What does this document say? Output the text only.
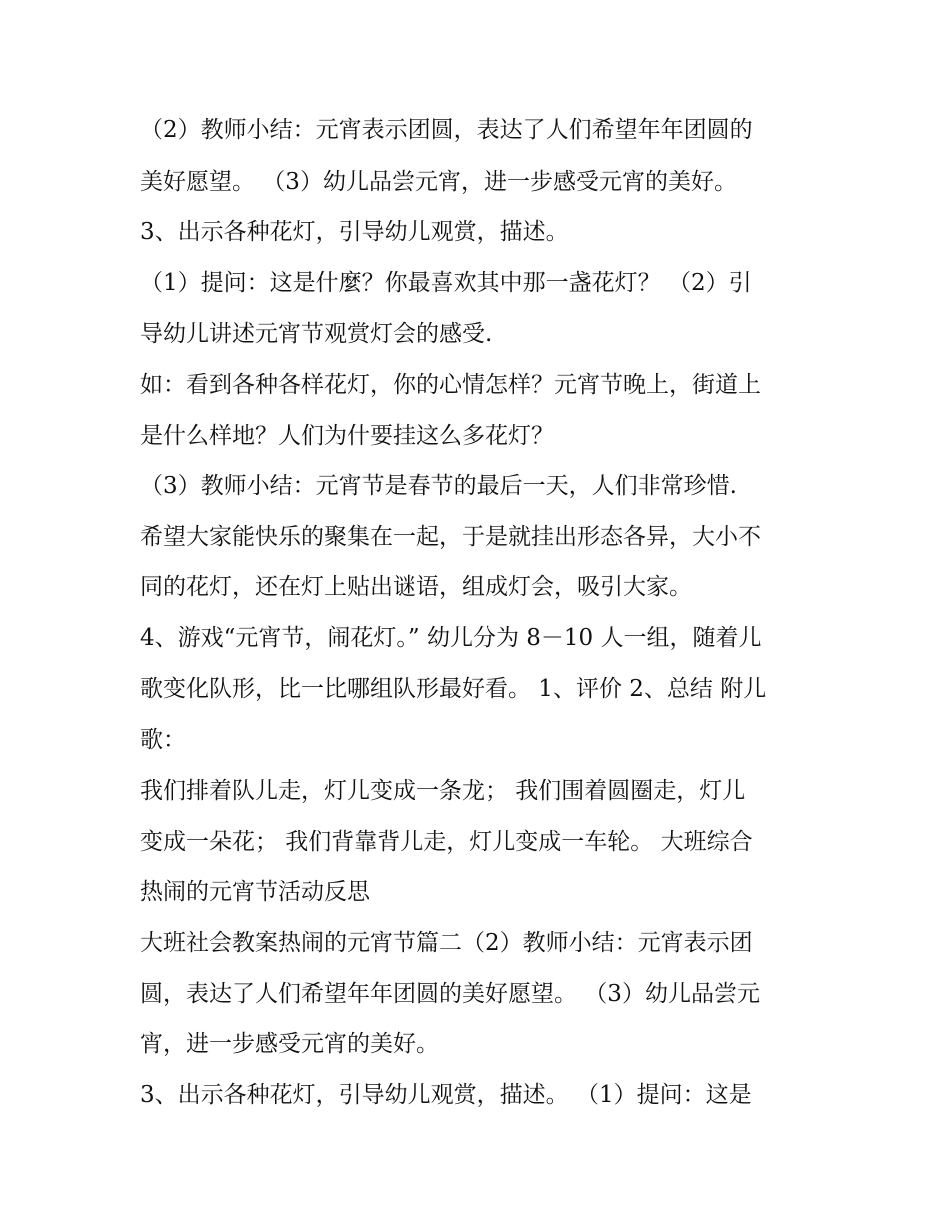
（2）教师小结：元宵表示团圆，表达了人们希望年年团圆的
美好愿望。 （3）幼儿品尝元宵，进一步感受元宵的美好。
3、出示各种花灯，引导幼儿观赏，描述。
（1）提问：这是什麼？你最喜欢其中那一盏花灯？ （2）引
导幼儿讲述元宵节观赏灯会的感受.
如：看到各种各样花灯，你的心情怎样？元宵节晚上，街道上
是什么样地？人们为什要挂这么多花灯？
（3）教师小结：元宵节是春节的最后一天，人们非常珍惜.
希望大家能快乐的聚集在一起，于是就挂出形态各异，大小不
同的花灯，还在灯上贴出谜语，组成灯会，吸引大家。
4、游戏“元宵节，闹花灯。” 幼儿分为 8－10 人一组，随着儿
歌变化队形，比一比哪组队形最好看。 1、评价 2、总结 附儿
歌：
我们排着队儿走，灯儿变成一条龙； 我们围着圆圈走，灯儿
变成一朵花； 我们背靠背儿走，灯儿变成一车轮。 大班综合
热闹的元宵节活动反思
大班社会教案热闹的元宵节篇二（2）教师小结：元宵表示团
圆，表达了人们希望年年团圆的美好愿望。 （3）幼儿品尝元
宵，进一步感受元宵的美好。
3、出示各种花灯，引导幼儿观赏，描述。 （1）提问：这是
